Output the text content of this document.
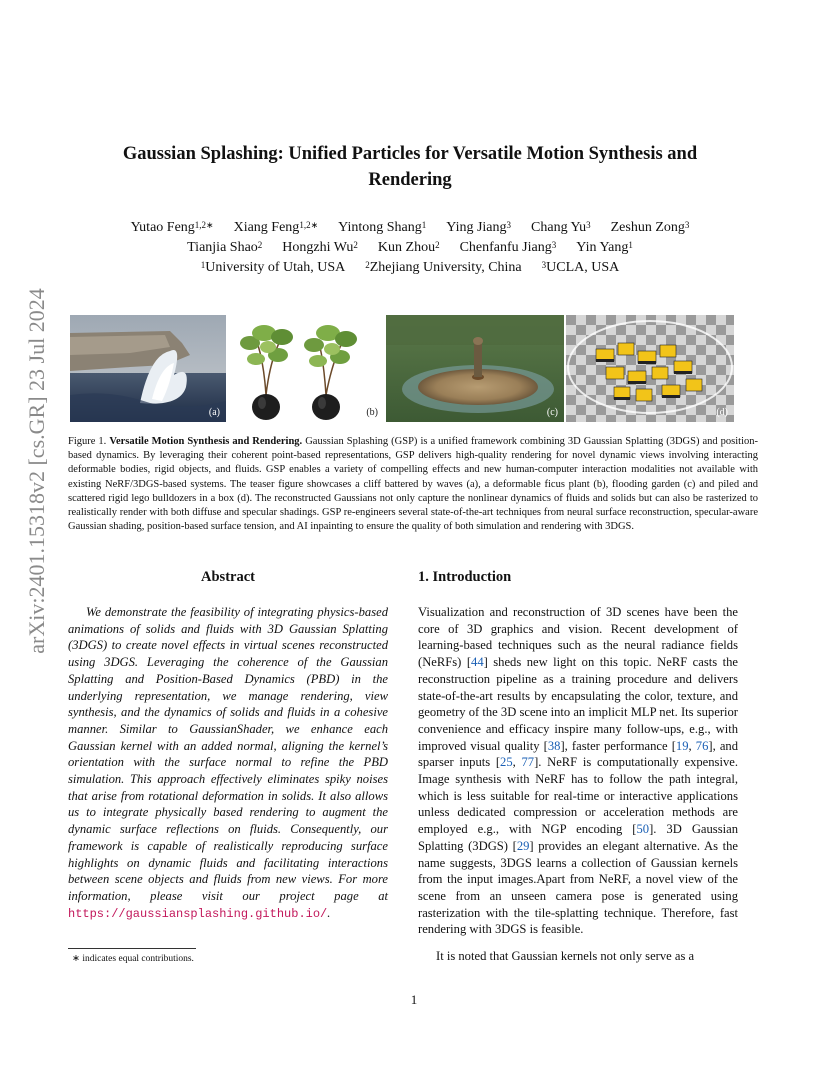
arXiv:2401.15318v2 [cs.GR] 23 Jul 2024
Gaussian Splashing: Unified Particles for Versatile Motion Synthesis and
Rendering
Yutao Feng$^{1,2∗}$ Xiang Feng$^{1,2∗}$ Yintong Shang$^1$ Ying Jiang$^3$ Chang Yu$^3$ Zeshun Zong$^3$
Tianjia Shao$^2$ Hongzhi Wu$^2$ Kun Zhou$^2$ Chenfanfu Jiang$^3$ Yin Yang$^1$
$^1$University of Utah, USA $^2$Zhejiang University, China $^3$UCLA, USA
(a)	(b)	(c)	(d)
Figure 1. Versatile Motion Synthesis and Rendering. Gaussian Splashing (GSP) is a unified framework combining 3D Gaussian Splatting (3DGS) and position-based dynamics. By leveraging their coherent point-based representations, GSP delivers high-quality rendering for novel dynamic views involving interacting deformable bodies, rigid objects, and fluids. GSP enables a variety of compelling effects and new human-computer interaction modalities not available with existing NeRF/3DGS-based systems. The teaser figure showcases a cliff battered by waves (a), a deformable ficus plant (b), flooding garden (c) and piled and scattered rigid lego bulldozers in a box (d). The reconstructed Gaussians not only capture the nonlinear dynamics of fluids and solids but can also be rasterized to realistically render with both diffuse and specular shadings. GSP re-engineers several state-of-the-art techniques from neural surface reconstruction, specular-aware Gaussian shading, position-based surface tension, and AI inpainting to ensure the quality of both simulation and rendering with 3DGS.
Abstract	1. Introduction
We demonstrate the feasibility of integrating physics-based animations of solids and fluids with 3D Gaussian Splatting (3DGS) to create novel effects in virtual scenes reconstructed using 3DGS. Leveraging the coherence of the Gaussian Splatting and Position-Based Dynamics (PBD) in the underlying representation, we manage rendering, view synthesis, and the dynamics of solids and fluids in a cohesive manner. Similar to GaussianShader, we enhance each Gaussian kernel with an added normal, aligning the kernel’s orientation with the surface normal to refine the PBD simulation. This approach effectively eliminates spiky noises that arise from rotational deformation in solids. It also allows us to integrate physically based rendering to augment the dynamic surface reflections on fluids. Consequently, our framework is capable of realistically reproducing surface highlights on dynamic fluids and facilitating interactions between scene objects and fluids from new views. For more information, please visit our project page at https://gaussiansplashing.github.io/.
Visualization and reconstruction of 3D scenes have been the core of 3D graphics and vision. Recent development of learning-based techniques such as the neural radiance fields (NeRFs) [44] sheds new light on this topic. NeRF casts the reconstruction pipeline as a training procedure and delivers state-of-the-art results by encapsulating the color, texture, and geometry of the 3D scene into an implicit MLP net. Its superior convenience and efficacy inspire many follow-ups, e.g., with improved visual quality [38], faster performance [19, 76], and sparser inputs [25, 77]. NeRF is computationally expensive. Image synthesis with NeRF has to follow the path integral, which is less suitable for real-time or interactive applications unless dedicated compression or acceleration methods are employed e.g., with NGP encoding [50]. 3D Gaussian Splatting (3DGS) [29] provides an elegant alternative. As the name suggests, 3DGS learns a collection of Gaussian kernels from the input images.Apart from NeRF, a novel view of the scene from an unseen camera pose is generated using rasterization with the tile-splatting technique. Therefore, fast rendering with 3DGS is feasible.
It is noted that Gaussian kernels not only serve as a
∗ indicates equal contributions.
1
